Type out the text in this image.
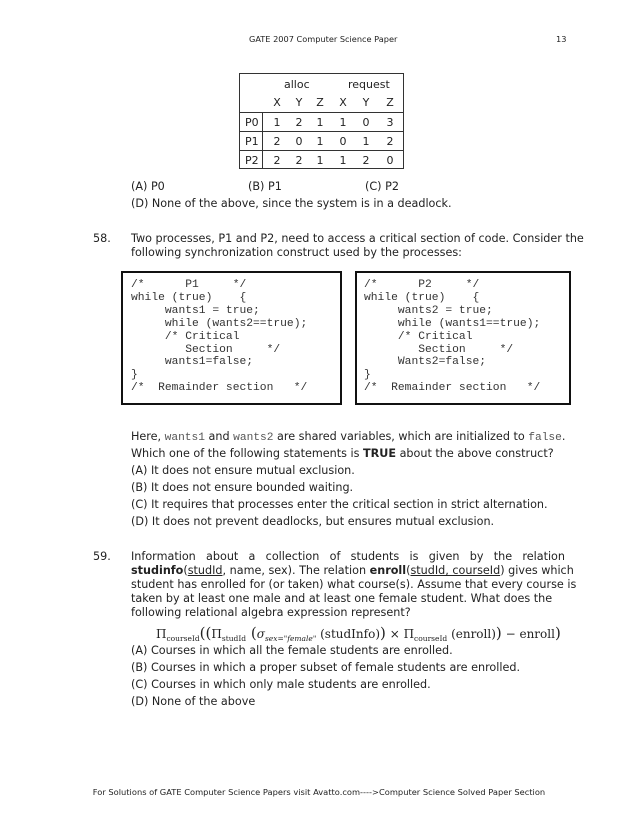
GATE 2007 Computer Science Paper	13
alloc	request
X	Y	Z	X	Y	Z
P0	1	2	1	1	0	3
P1	2	0	1	0	1	2
P2	2	2	1	1	2	0
(A) P0	(B) P1	(C) P2
(D) None of the above, since the system is in a deadlock.
58. Two processes, P1 and P2, need to access a critical section of code. Consider the
following synchronization construct used by the processes:
/*      P1     */
while (true)    {
wants1 = true;
while (wants2==true);
/* Critical
Section     */
wants1=false;
}
/*  Remainder section   */
/*      P2     */
while (true)    {
wants2 = true;
while (wants1==true);
/* Critical
Section     */
Wants2=false;
}
/*  Remainder section   */
Here, wants1 and wants2 are shared variables, which are initialized to false.
Which one of the following statements is TRUE about the above construct?
(A) It does not ensure mutual exclusion.
(B) It does not ensure bounded waiting.
(C) It requires that processes enter the critical section in strict alternation.
(D) It does not prevent deadlocks, but ensures mutual exclusion.
59. Information about a collection of students is given by the relation
studinfo(studId, name, sex). The relation enroll(studId, courseId) gives which
student has enrolled for (or taken) what course(s). Assume that every course is
taken by at least one male and at least one female student. What does the
following relational algebra expression represent?
$\Pi_{courseId}((\Pi_{studId}$ ($\sigma_{sex="female"}$ (studInfo)) × $\Pi_{courseId}$ (enroll)) − enroll)
(A) Courses in which all the female students are enrolled.
(B) Courses in which a proper subset of female students are enrolled.
(C) Courses in which only male students are enrolled.
(D) None of the above
For Solutions of GATE Computer Science Papers visit Avatto.com---->Computer Science Solved Paper Section
